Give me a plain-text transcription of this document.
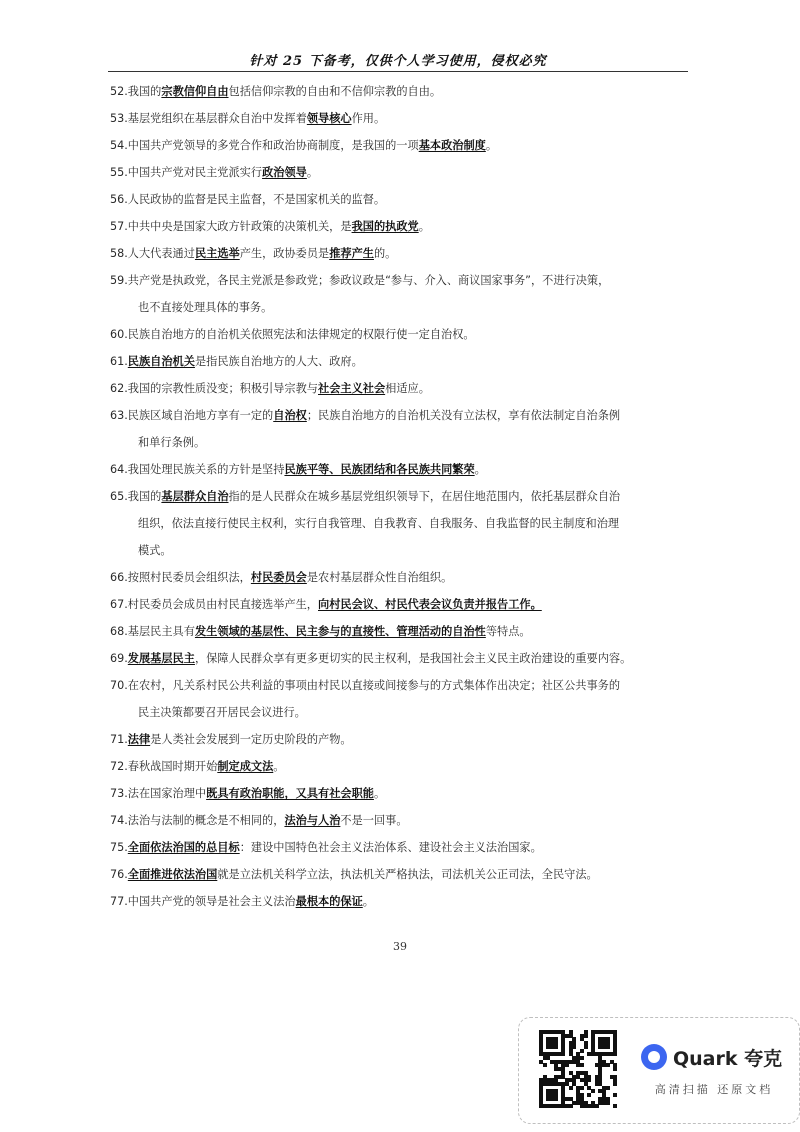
针对 25 下备考，仅供个人学习使用，侵权必究
52.我国的宗教信仰自由包括信仰宗教的自由和不信仰宗教的自由。
53.基层党组织在基层群众自治中发挥着领导核心作用。
54.中国共产党领导的多党合作和政治协商制度，是我国的一项基本政治制度。
55.中国共产党对民主党派实行政治领导。
56.人民政协的监督是民主监督，不是国家机关的监督。
57.中共中央是国家大政方针政策的决策机关，是我国的执政党。
58.人大代表通过民主选举产生，政协委员是推荐产生的。
59.共产党是执政党，各民主党派是参政党；参政议政是“参与、介入、商议国家事务”，不进行决策，
也不直接处理具体的事务。
60.民族自治地方的自治机关依照宪法和法律规定的权限行使一定自治权。
61.民族自治机关是指民族自治地方的人大、政府。
62.我国的宗教性质没变；积极引导宗教与社会主义社会相适应。
63.民族区域自治地方享有一定的自治权；民族自治地方的自治机关没有立法权，享有依法制定自治条例
和单行条例。
64.我国处理民族关系的方针是坚持民族平等、民族团结和各民族共同繁荣。
65.我国的基层群众自治指的是人民群众在城乡基层党组织领导下，在居住地范围内，依托基层群众自治
组织，依法直接行使民主权利，实行自我管理、自我教育、自我服务、自我监督的民主制度和治理
模式。
66.按照村民委员会组织法，村民委员会是农村基层群众性自治组织。
67.村民委员会成员由村民直接选举产生，向村民会议、村民代表会议负责并报告工作。
68.基层民主具有发生领域的基层性、民主参与的直接性、管理活动的自治性等特点。
69.发展基层民主，保障人民群众享有更多更切实的民主权利，是我国社会主义民主政治建设的重要内容。
70.在农村，凡关系村民公共利益的事项由村民以直接或间接参与的方式集体作出决定；社区公共事务的
民主决策都要召开居民会议进行。
71.法律是人类社会发展到一定历史阶段的产物。
72.春秋战国时期开始制定成文法。
73.法在国家治理中既具有政治职能，又具有社会职能。
74.法治与法制的概念是不相同的，法治与人治不是一回事。
75.全面依法治国的总目标：建设中国特色社会主义法治体系、建设社会主义法治国家。
76.全面推进依法治国就是立法机关科学立法，执法机关严格执法，司法机关公正司法，全民守法。
77.中国共产党的领导是社会主义法治最根本的保证。
39
Quark 夸克
高清扫描 还原文档
